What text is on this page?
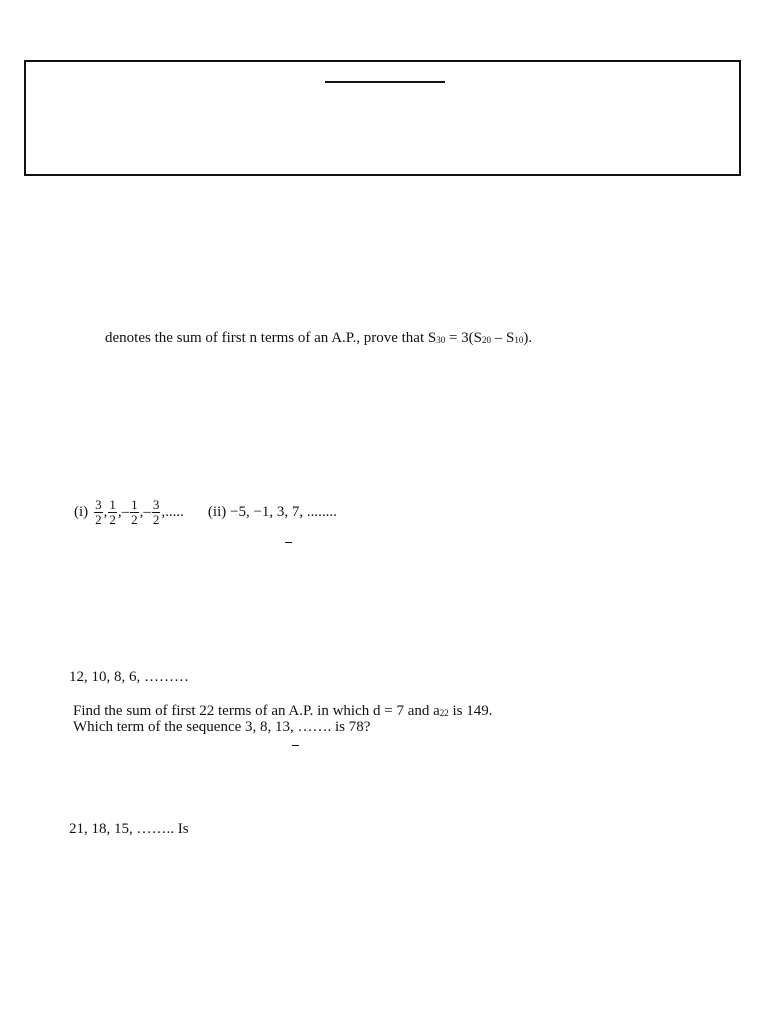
denotes the sum of first n terms of an A.P., prove that S30 = 3(S20 – S10).
$(i) \frac{3}{2}$ , $\frac{1}{2}$ , – $\frac{1}{2}$ , – $\frac{3}{2}$ ,..... (ii) −5, −1, 3, 7, ........
12, 10, 8, 6, ………
Find the sum of first 22 terms of an A.P. in which d = 7 and a22 is 149.
Which term of the sequence 3, 8, 13, ……. is 78?
21, 18, 15, …….. Is
